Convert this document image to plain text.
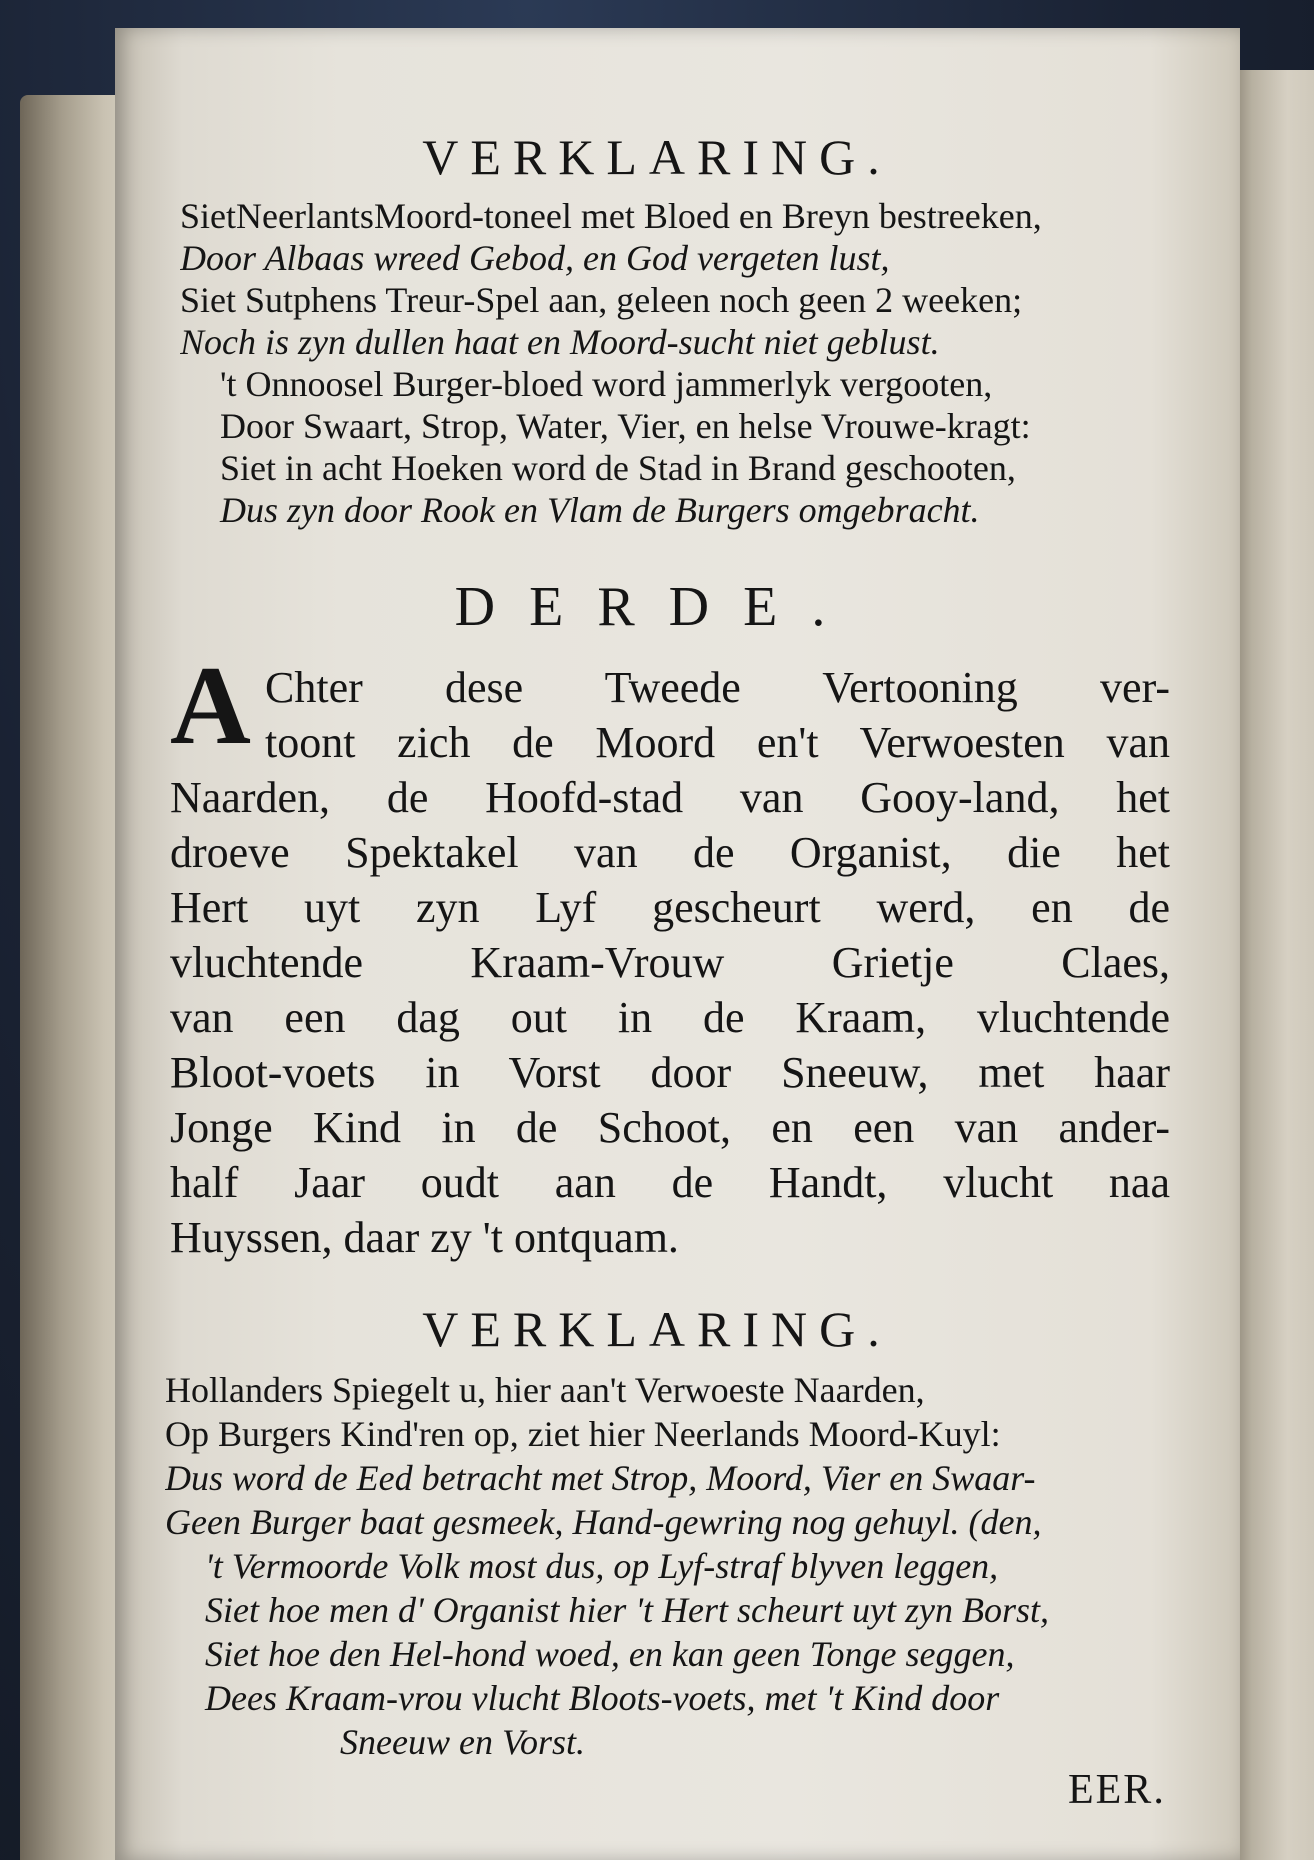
VERKLARING.
SietNeerlantsMoord-toneel met Bloed en Breyn bestreeken,
Door Albaas wreed Gebod, en God vergeten lust,
Siet Sutphens Treur-Spel aan, geleen noch geen 2 weeken;
Noch is zyn dullen haat en Moord-sucht niet geblust.
't Onnoosel Burger-bloed word jammerlyk vergooten,
Door Swaart, Strop, Water, Vier, en helse Vrouwe-kragt:
Siet in acht Hoeken word de Stad in Brand geschooten,
Dus zyn door Rook en Vlam de Burgers omgebracht.
DERDE.
A Chter dese Tweede Vertooning ver-
toont zich de Moord en't Verwoesten van
Naarden, de Hoofd-stad van Gooy-land, het
droeve Spektakel van de Organist, die het
Hert uyt zyn Lyf gescheurt werd, en de
vluchtende Kraam-Vrouw Grietje Claes,
van een dag out in de Kraam, vluchtende
Bloot-voets in Vorst door Sneeuw, met haar
Jonge Kind in de Schoot, en een van ander-
half Jaar oudt aan de Handt, vlucht naa
Huyssen, daar zy 't ontquam.
VERKLARING.
Hollanders Spiegelt u, hier aan't Verwoeste Naarden,
Op Burgers Kind'ren op, ziet hier Neerlands Moord-Kuyl:
Dus word de Eed betracht met Strop, Moord, Vier en Swaar-
Geen Burger baat gesmeek, Hand-gewring nog gehuyl. (den,
't Vermoorde Volk most dus, op Lyf-straf blyven leggen,
Siet hoe men d' Organist hier 't Hert scheurt uyt zyn Borst,
Siet hoe den Hel-hond woed, en kan geen Tonge seggen,
Dees Kraam-vrou vlucht Bloots-voets, met 't Kind door
Sneeuw en Vorst.
EER.
